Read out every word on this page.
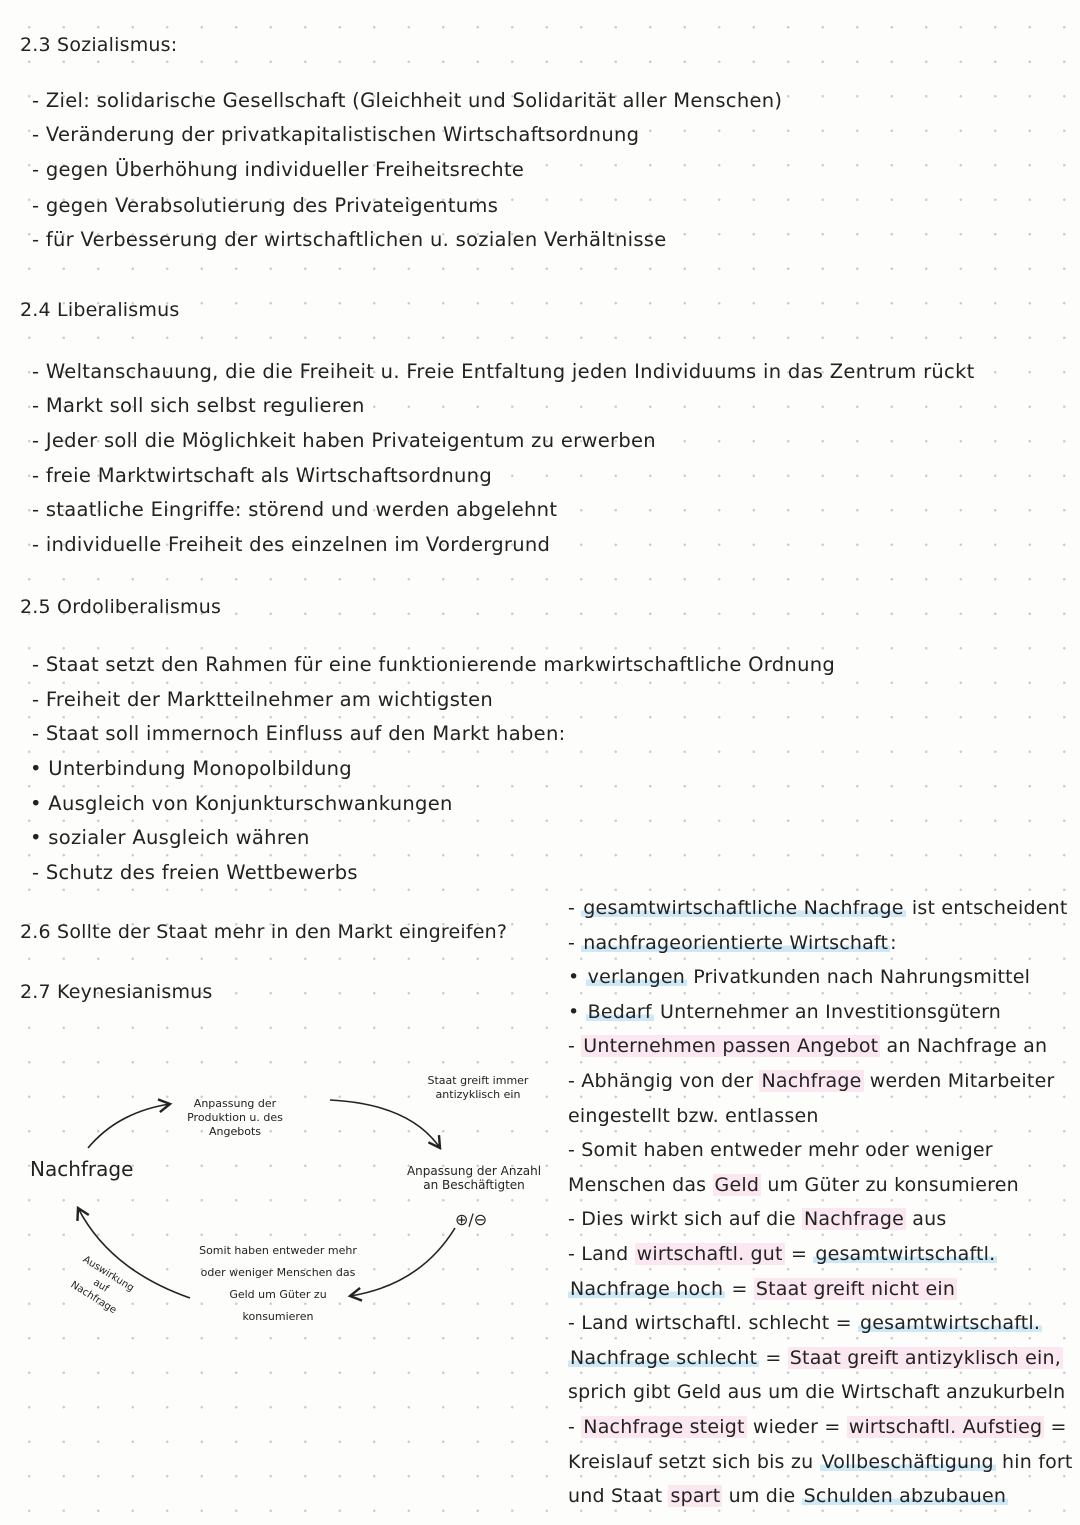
2.3 Sozialismus:
2.4 Liberalismus
2.5 Ordoliberalismus
2.6 Sollte der Staat mehr in den Markt eingreifen?
2.7 Keynesianismus
- Ziel: solidarische Gesellschaft (Gleichheit und Solidarität aller Menschen)
- Veränderung der privatkapitalistischen Wirtschaftsordnung
- gegen Überhöhung individueller Freiheitsrechte
- gegen Verabsolutierung des Privateigentums
- für Verbesserung der wirtschaftlichen u. sozialen Verhältnisse
- Weltanschauung, die die Freiheit u. Freie Entfaltung jeden Individuums in das Zentrum rückt
- Markt soll sich selbst regulieren
- Jeder soll die Möglichkeit haben Privateigentum zu erwerben
- freie Marktwirtschaft als Wirtschaftsordnung
- staatliche Eingriffe: störend und werden abgelehnt
- individuelle Freiheit des einzelnen im Vordergrund
- Staat setzt den Rahmen für eine funktionierende markwirtschaftliche Ordnung
- Freiheit der Marktteilnehmer am wichtigsten
- Staat soll immernoch Einfluss auf den Markt haben:
• Unterbindung Monopolbildung
• Ausgleich von Konjunkturschwankungen
• sozialer Ausgleich währen
- Schutz des freien Wettbewerbs
Nachfrage
Anpassung der Produktion u. des Angebots
Staat greift immer antizyklisch ein
Anpassung der Anzahl an Beschäftigten
⊕/⊖
Somit haben entweder mehr oder weniger Menschen das Geld um Güter zu konsumieren
Auswirkung auf Nachfrage
- gesamtwirtschaftliche Nachfrage ist entscheident
- nachfrageorientierte Wirtschaft :
• verlangen Privatkunden nach Nahrungsmittel
• Bedarf Unternehmer an Investitionsgütern
- Unternehmen passen Angebot an Nachfrage an
- Abhängig von der Nachfrage werden Mitarbeiter
eingestellt bzw. entlassen
- Somit haben entweder mehr oder weniger
Menschen das Geld um Güter zu konsumieren
- Dies wirkt sich auf die Nachfrage aus
- Land wirtschaftl. gut = gesamtwirtschaftl.
Nachfrage hoch = Staat greift nicht ein
- Land wirtschaftl. schlecht = gesamtwirtschaftl.
Nachfrage schlecht = Staat greift antizyklisch ein,
sprich gibt Geld aus um die Wirtschaft anzukurbeln
- Nachfrage steigt wieder = wirtschaftl. Aufstieg =
Kreislauf setzt sich bis zu Vollbeschäftigung hin fort
und Staat spart um die Schulden abzubauen
